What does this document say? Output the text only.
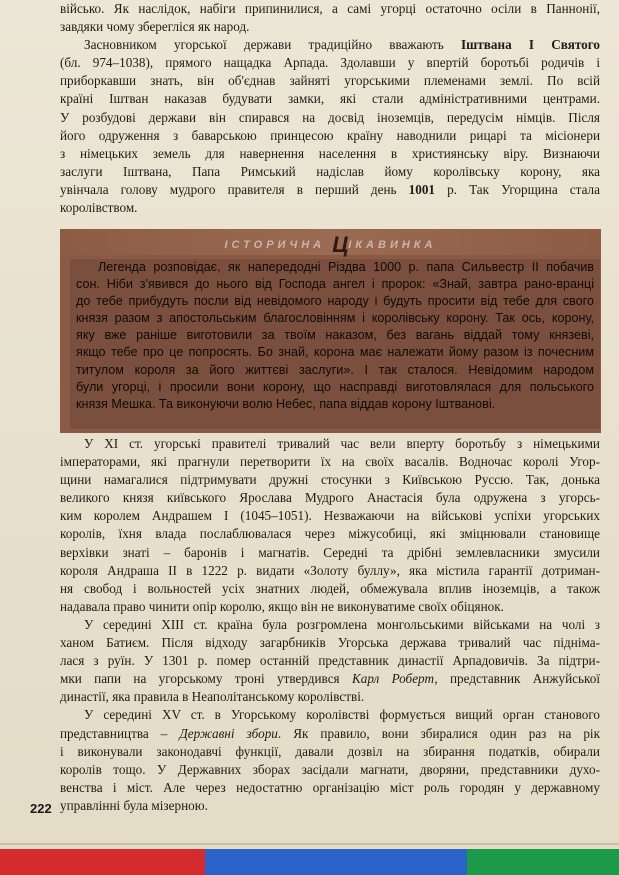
військо. Як наслідок, набіги припинилися, а самі угорці остаточно осіли в Паннонії,
завдяки чому зберегліся як народ.
Засновником угорської держави традиційно вважають Іштвана I Святого
(бл. 974–1038), прямого нащадка Арпада. Здолавши у впертій боротьбі родичів і
приборкавши знать, він об'єднав зайняті угорськими племенами землі. По всій
країні Іштван наказав будувати замки, які стали адміністративними центрами.
У розбудові держави він спирався на досвід іноземців, передусім німців. Після
його одруження з баварською принцесою країну наводнили рицарі та місіонери
з німецьких земель для навернення населення в християнську віру. Визнаючи
заслуги Іштвана, Папа Римський надіслав йому королівську корону, яка
увінчала голову мудрого правителя в перший день 1001 р. Так Угорщина стала
королівством.
ІСТОРИЧНА ЦІКАВИНКА
Легенда розповідає, як напередодні Різдва 1000 р. папа Сильвестр II побачив
сон. Ніби з'явився до нього від Господа ангел і пророк: «Знай, завтра рано-вранці
до тебе прибудуть посли від невідомого народу і будуть просити від тебе для свого
князя разом з апостольським благословінням і королівську корону. Так ось, корону,
яку вже раніше виготовили за твоїм наказом, без вагань віддай тому князеві,
якщо тебе про це попросять. Бо знай, корона має належати йому разом із почесним
титулом короля за його життєві заслуги». І так сталося. Невідомим народом
були угорці, і просили вони корону, що насправді виготовлялася для польського
князя Мешка. Та виконуючи волю Небес, папа віддав корону Іштванові.
У XI ст. угорські правителі тривалий час вели вперту боротьбу з німецькими
імператорами, які прагнули перетворити їх на своїх васалів. Водночас королі Угор-
щини намагалися підтримувати дружні стосунки з Київською Руссю. Так, донька
великого князя київського Ярослава Мудрого Анастасія була одружена з угорсь-
ким королем Андрашем I (1045–1051). Незважаючи на військові успіхи угорських
королів, їхня влада послаблювалася через міжусобиці, які зміцнювали становище
верхівки знаті – баронів і магнатів. Середні та дрібні землевласники змусили
короля Андраша II в 1222 р. видати «Золоту буллу», яка містила гарантії дотриман-
ня свобод і вольностей усіх знатних людей, обмежувала вплив іноземців, а також
надавала право чинити опір королю, якщо він не виконуватиме своїх обіцянок.
У середині XIII ст. країна була розгромлена монгольськими військами на чолі з
ханом Батиєм. Після відходу загарбників Угорська держава тривалий час підніма-
лася з руїн. У 1301 р. помер останній представник династії Арпадовичів. За підтри-
мки папи на угорському троні утвердився Карл Роберт, представник Анжуйської
династії, яка правила в Неаполітанському королівстві.
У середині XV ст. в Угорському королівстві формується вищий орган станового
представництва – Державні збори. Як правило, вони збиралися один раз на рік
і виконували законодавчі функції, давали дозвіл на збирання податків, обирали
королів тощо. У Державних зборах засідали магнати, дворяни, представники духо-
венства і міст. Але через недостатню організацію міст роль городян у державному
управлінні була мізерною.
222
